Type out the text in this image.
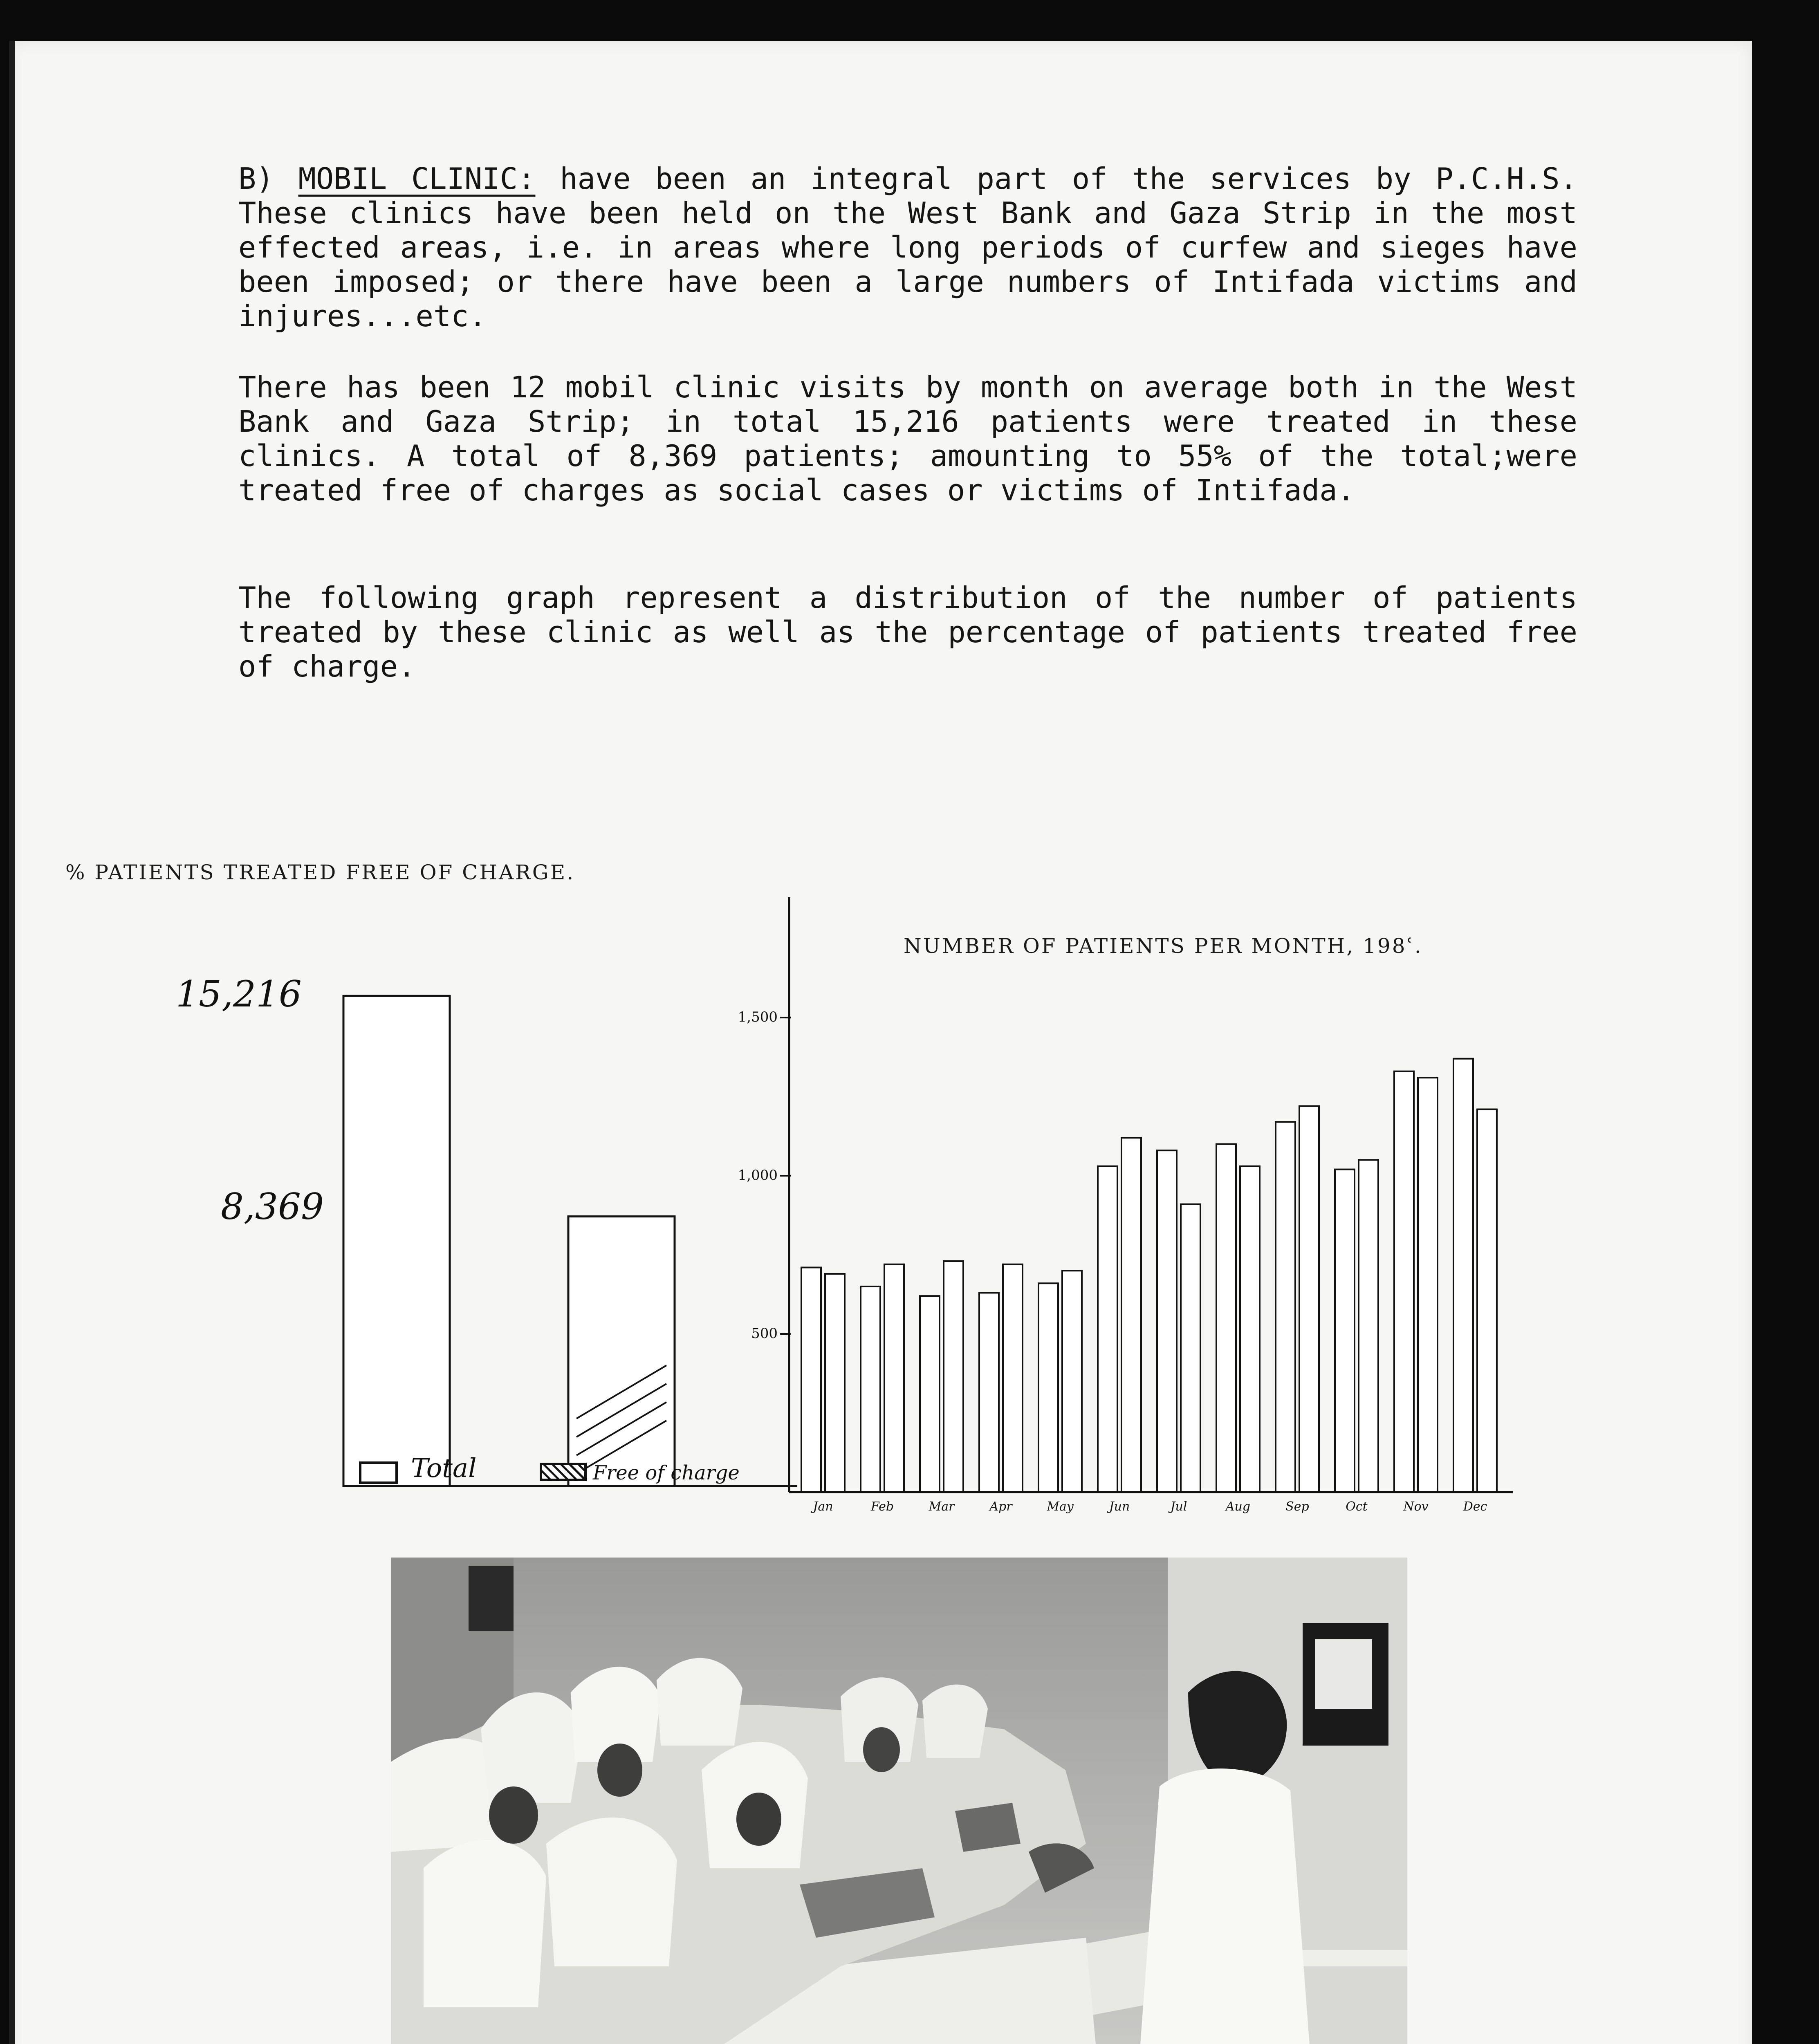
B) MOBIL CLINIC: have been an integral part of the services by P.C.H.S. These clinics have been held on the West Bank and Gaza Strip in the most effected areas, i.e. in areas where long periods of curfew and sieges have been imposed; or there have been a large numbers of Intifada victims and injures...etc.

There has been 12 mobil clinic visits by month on average both in the West Bank and Gaza Strip; in total 15,216 patients were treated in these clinics. A total of 8,369 patients; amounting to 55% of the total;were treated free of charges as social cases or victims of Intifada.

The following graph represent a distribution of the number of patients treated by these clinic as well as the percentage of patients treated free of charge.

% PATIENTS TREATED FREE OF CHARGE.
15,216
8,369
Total	Free of charge
NUMBER OF PATIENTS PER MONTH, 198ʿ.
500
1,000
1,500
Jan	Feb	Mar	Apr	May	Jun	Jul	Aug	Sep	Oct	Nov	Dec
